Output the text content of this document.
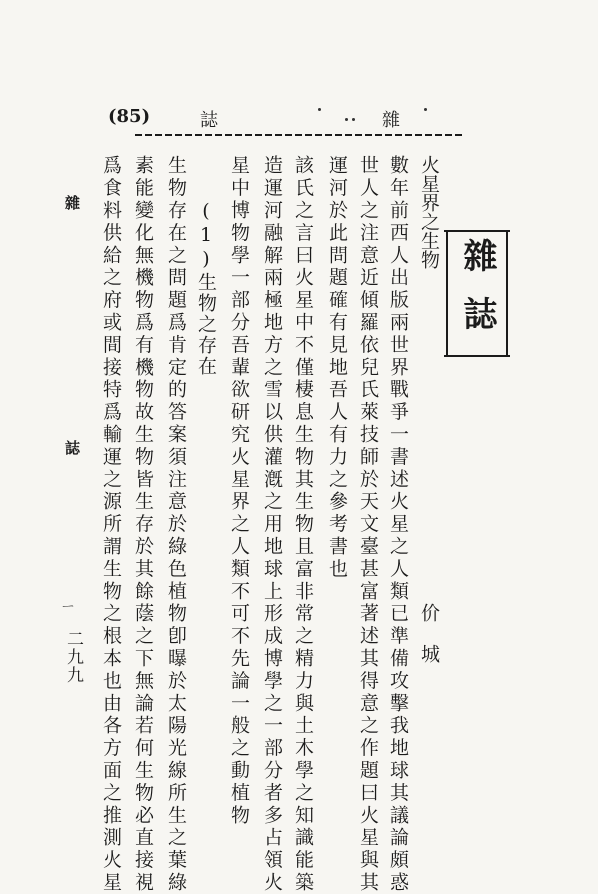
(85)	誌	雜
雜誌
火星界之生物
价 城
數年前西人出版兩世界戰爭一書述火星之人類已準備攻擊我地球其議論頗惑
世人之注意近傾羅依兒氏萊技師於天文臺甚富著述其得意之作題曰火星與其
運河於此問題確有見地吾人有力之參考書也
該氏之言曰火星中不僅棲息生物其生物且富非常之精力與土木學之知識能築
造運河融解兩極地方之雪以供灌漑之用地球上形成博學之一部分者多占領火
星中博物學一部分吾輩欲研究火星界之人類不可不先論一般之動植物
(1)生物之存在
生物存在之問題爲肯定的答案須注意於綠色植物卽曝於太陽光線所生之葉綠
素能變化無機物爲有機物故生物皆生存於其餘蔭之下無論若何生物必直接視
爲食料供給之府或間接特爲輸運之源所謂生物之根本也由各方面之推測火星
雜 誌
ㄧ
二九九
